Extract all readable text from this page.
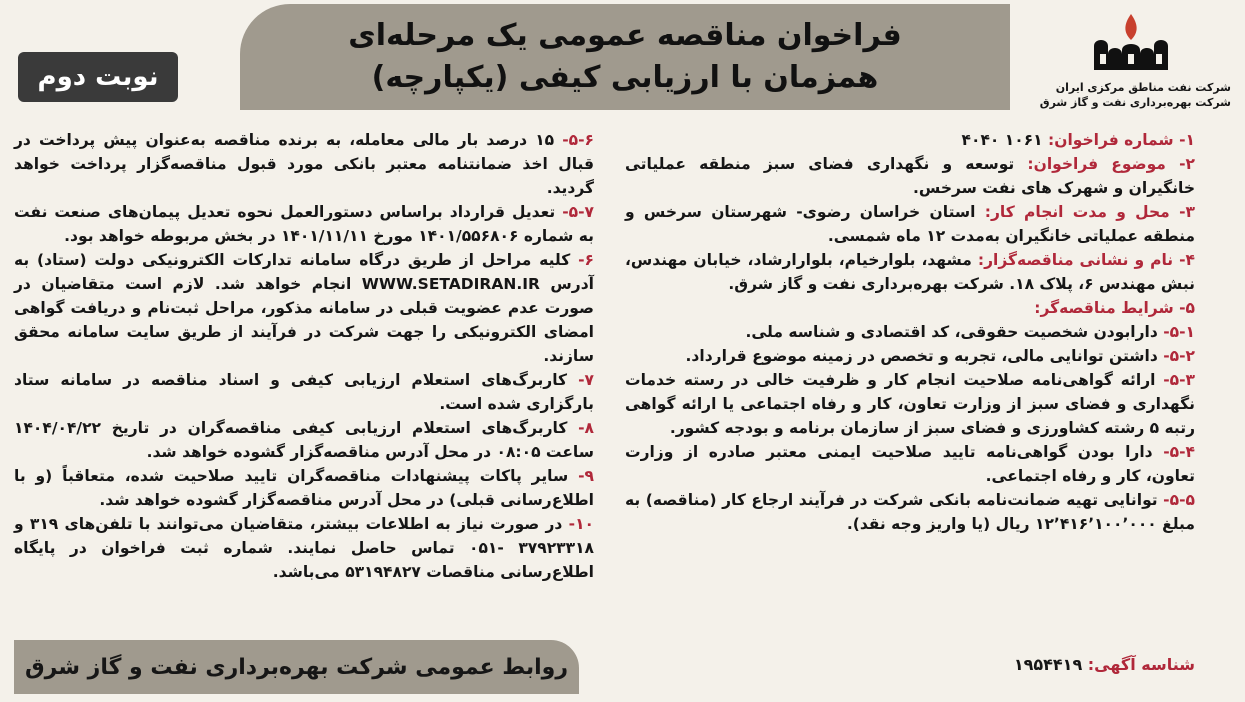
شرکت نفت مناطق مرکزی ایران
شرکت بهره‌برداری نفت و گاز شرق
فراخوان مناقصه عمومی یک مرحله‌ای
همزمان با ارزیابی کیفی (یکپارچه)
نوبت دوم

۱- شماره فراخوان: ۱۰۶۱‌ ۴۰۴۰

۲- موضوع فراخوان: توسعه و نگهداری فضای سبز منطقه عملیاتی خانگیران و شهرک های نفت سرخس.

۳- محل و مدت انجام کار: استان خراسان رضوی- شهرستان سرخس و منطقه عملیاتی خانگیران به‌مدت ۱۲ ماه شمسی.

۴- نام و نشانی مناقصه‌گزار: مشهد، بلوارخیام، بلوارارشاد، خیابان مهندس، نبش مهندس ۶، پلاک ۱۸. شرکت بهره‌برداری نفت و گاز شرق.

۵- شرایط مناقصه‌گر:

۵-۱- دارابودن شخصیت حقوقی، کد اقتصادی و شناسه ملی.

۵-۲- داشتن توانایی مالی، تجربه و تخصص در زمینه موضوع قرارداد.

۵-۳- ارائه گواهی‌نامه صلاحیت انجام کار و ظرفیت خالی در رسته خدمات نگهداری و فضای سبز از وزارت تعاون، کار و رفاه اجتماعی یا ارائه گواهی رتبه ۵ رشته کشاورزی و فضای سبز از سازمان برنامه و بودجه کشور.

۵-۴- دارا بودن گواهی‌نامه تایید صلاحیت ایمنی معتبر صادره از وزارت تعاون، کار و رفاه اجتماعی.

۵-۵- توانایی تهیه ضمانت‌نامه بانکی شرکت در فرآیند ارجاع کار (مناقصه) به مبلغ ۱۲٬۴۱۶٬۱۰۰٬۰۰۰ ریال (یا واریز وجه نقد).

۵-۶- ۱۵ درصد بار مالی معامله، به برنده مناقصه به‌عنوان پیش پرداخت در قبال اخذ ضمانتنامه معتبر بانکی مورد قبول مناقصه‌گزار پرداخت خواهد گردید.

۵-۷- تعدیل قرارداد براساس دستورالعمل نحوه تعدیل پیمان‌های صنعت نفت به شماره ۱۴۰۱/۵۵۶۸۰۶ مورخ ۱۴۰۱/۱۱/۱۱ در بخش مربوطه خواهد بود.

۶- کلیه مراحل از طریق درگاه سامانه تدارکات الکترونیکی دولت (ستاد) به آدرس WWW.SETADIRAN.IR انجام خواهد شد. لازم است متقاضیان در صورت عدم عضویت قبلی در سامانه مذکور، مراحل ثبت‌نام و دریافت گواهی امضای الکترونیکی را جهت شرکت در فرآیند از طریق سایت سامانه محقق سازند.

۷- کاربرگ‌های استعلام ارزیابی کیفی و اسناد مناقصه در سامانه ستاد بارگزاری شده است.

۸- کاربرگ‌های استعلام ارزیابی کیفی مناقصه‌گران در تاریخ ۱۴۰۴/۰۴/۲۲ ساعت ۰۸:۰۵ در محل آدرس مناقصه‌گزار گشوده خواهد شد.

۹- سایر پاکات پیشنهادات مناقصه‌گران تایید صلاحیت شده، متعاقباً (و با اطلاع‌رسانی قبلی) در محل آدرس مناقصه‌گزار گشوده خواهد شد.

۱۰- در صورت نیاز به اطلاعات بیشتر، متقاضیان می‌توانند با تلفن‌های ۳۱۹ و ۳۷۹۲۳۳۱۸ -۰۵۱ تماس حاصل نمایند. شماره ثبت فراخوان در پایگاه اطلاع‌رسانی مناقصات ۵۳۱۹۴۸۲۷ می‌باشد.

روابط عمومی شرکت بهره‌برداری نفت و گاز شرق	شناسه آگهی: ۱۹۵۴۴۱۹
